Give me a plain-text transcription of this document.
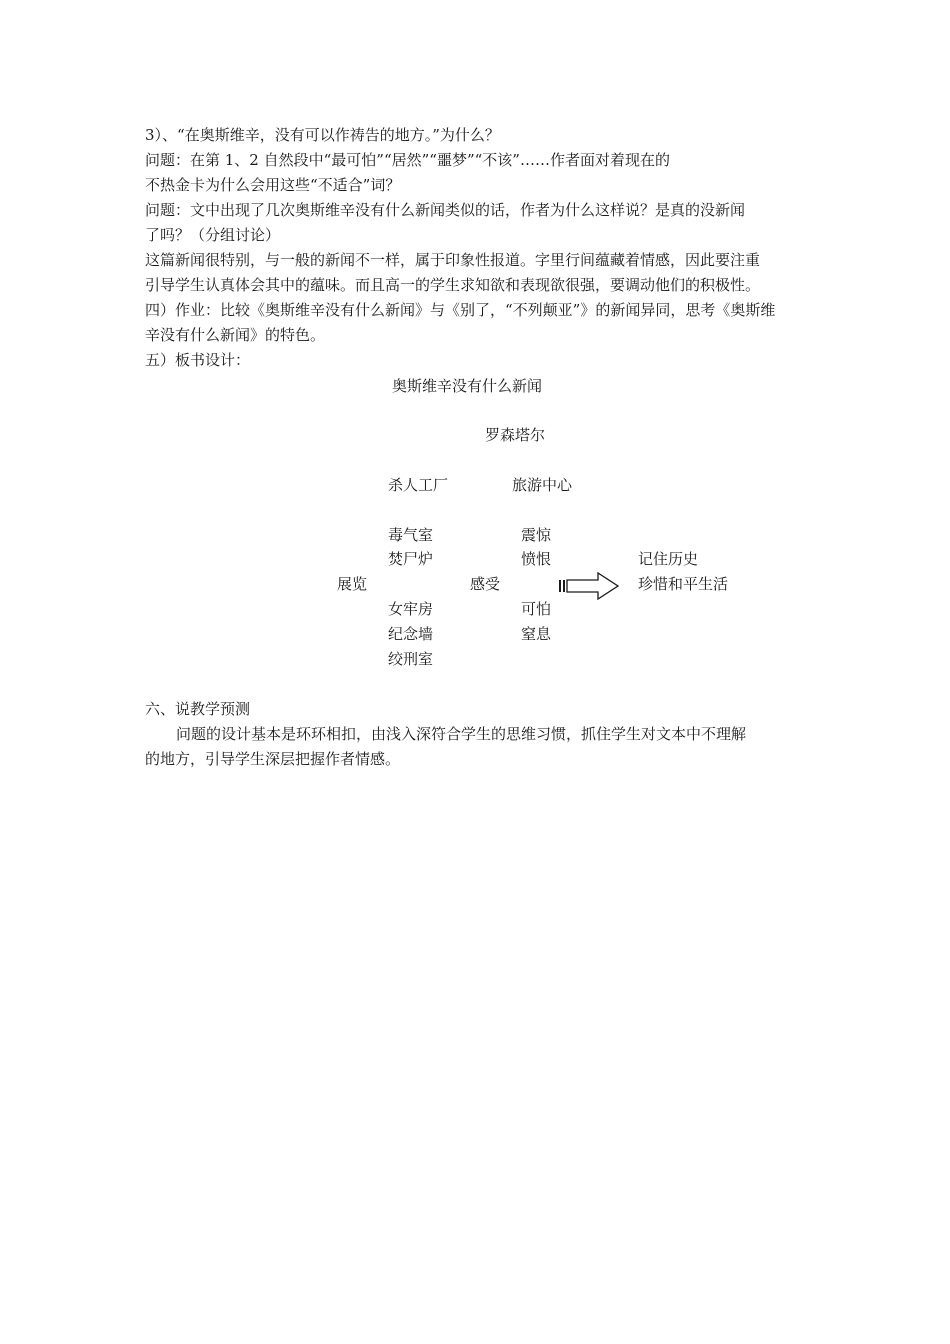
3）、“在奥斯维辛，没有可以作祷告的地方。”为什么？
问题：在第 1、2 自然段中“最可怕”“居然”“噩梦”“不该”……作者面对着现在的
不热金卡为什么会用这些“不适合”词？
问题：文中出现了几次奥斯维辛没有什么新闻类似的话，作者为什么这样说？是真的没新闻
了吗？（分组讨论）
这篇新闻很特别，与一般的新闻不一样，属于印象性报道。字里行间蕴藏着情感，因此要注重
引导学生认真体会其中的蕴味。而且高一的学生求知欲和表现欲很强，要调动他们的积极性。
四）作业：比较《奥斯维辛没有什么新闻》与《别了，“不列颠亚”》的新闻异同，思考《奥斯维
辛没有什么新闻》的特色。
五）板书设计：
奥斯维辛没有什么新闻
罗森塔尔
杀人工厂	旅游中心
毒气室
焚尸炉
女牢房
纪念墙
绞刑室
震惊
愤恨
可怕
窒息
展览	感受
记住历史
珍惜和平生活
六、说教学预测
问题的设计基本是环环相扣，由浅入深符合学生的思维习惯，抓住学生对文本中不理解
的地方，引导学生深层把握作者情感。
